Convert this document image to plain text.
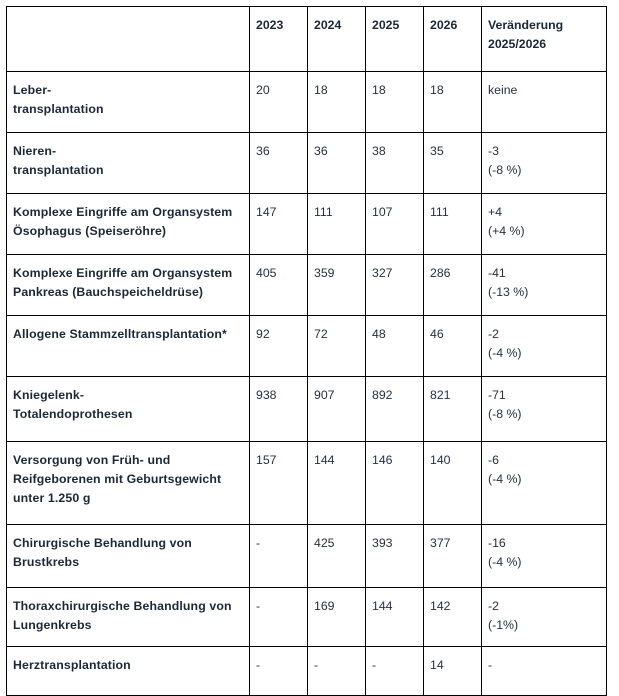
	2023	2024	2025	2026	Veränderung
2025/2026
Leber-
transplantation	20	18	18	18	keine

Nieren-
transplantation	36	36	38	35	-3
(-8 %)

Komplexe Eingriffe am Organsystem
Ösophagus (Speiseröhre)	147	111	107	111	+4
(+4 %)

Komplexe Eingriffe am Organsystem
Pankreas (Bauchspeicheldrüse)	405	359	327	286	-41
(-13 %)

Allogene Stammzelltransplantation*	92	72	48	46	-2
(-4 %)

Kniegelenk-
Totalendoprothesen	938	907	892	821	-71
(-8 %)

Versorgung von Früh- und
Reifgeborenen mit Geburtsgewicht
unter 1.250 g	157	144	146	140	-6
(-4 %)

Chirurgische Behandlung von
Brustkrebs	-	425	393	377	-16
(-4 %)

Thoraxchirurgische Behandlung von
Lungenkrebs	-	169	144	142	-2
(-1%)

Herztransplantation	-	-	-	14	-
